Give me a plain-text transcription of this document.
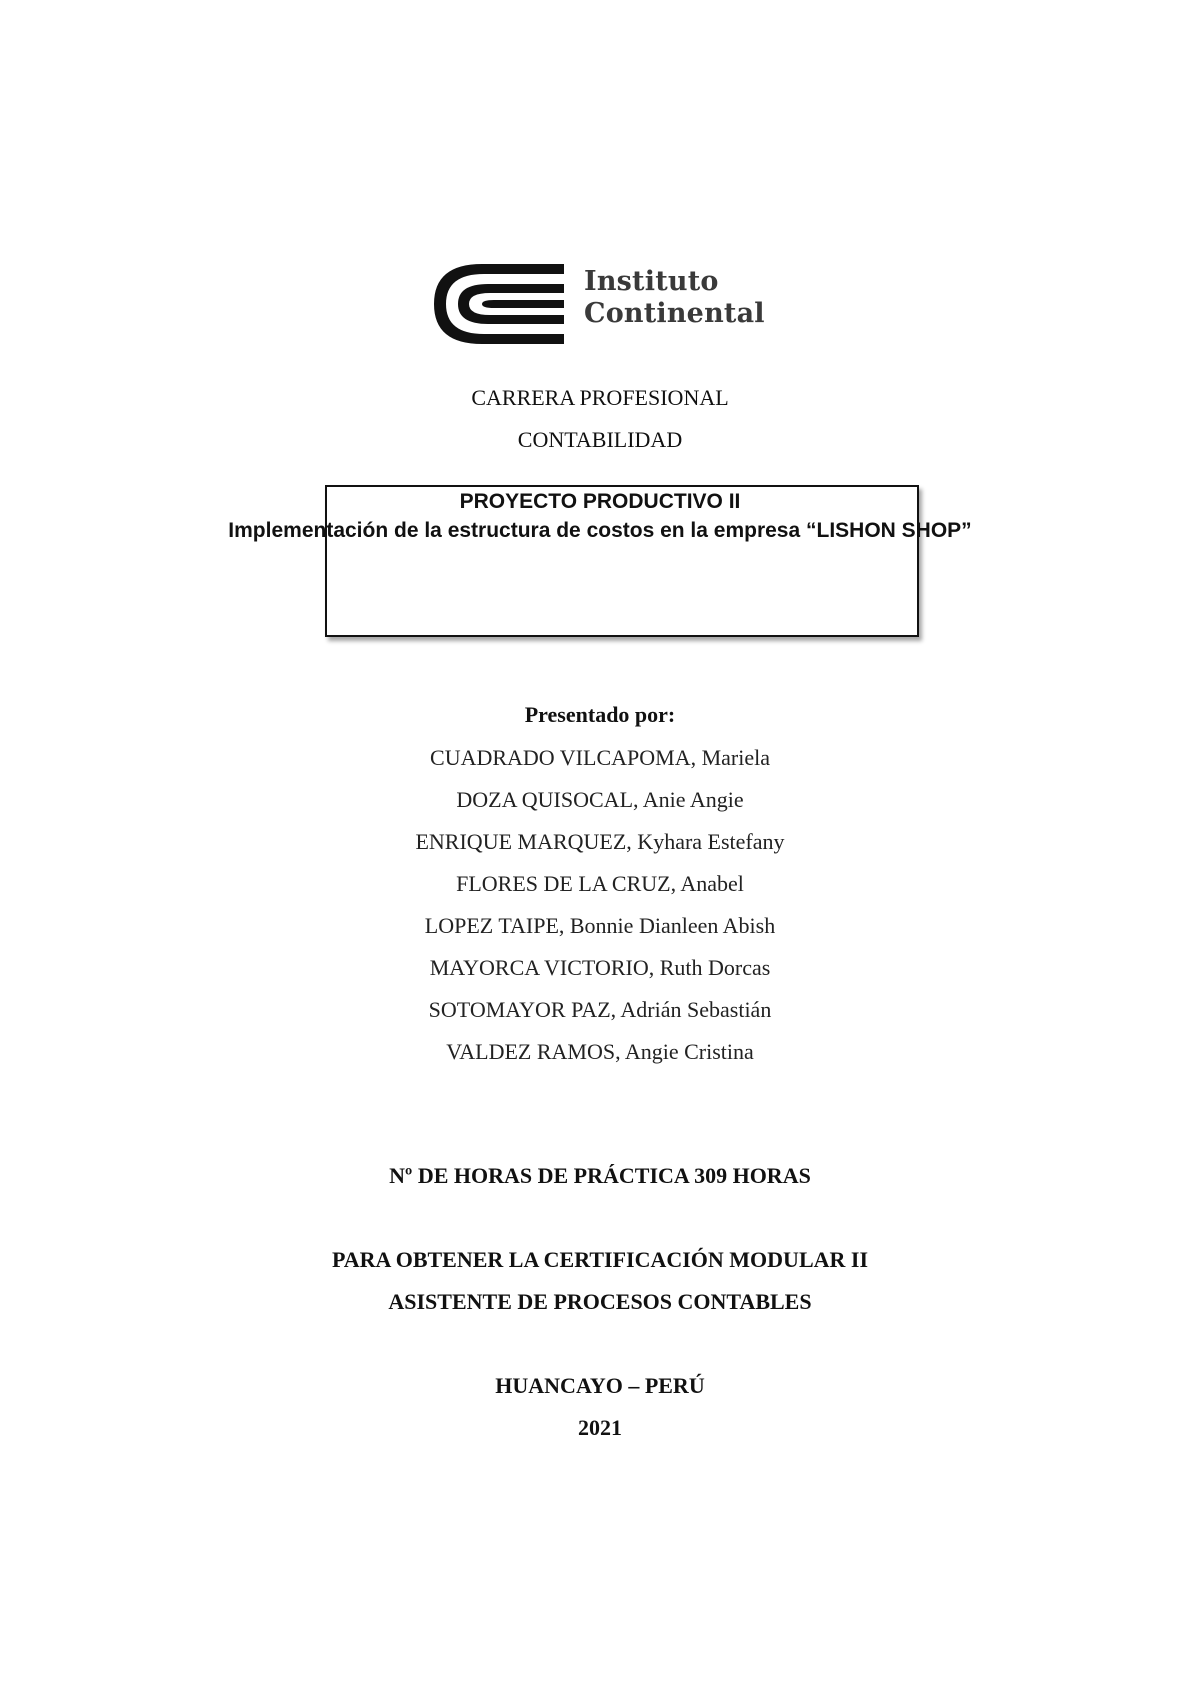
Instituto
Continental
CARRERA PROFESIONAL
CONTABILIDAD
PROYECTO PRODUCTIVO II
Implementación de la estructura de costos en la empresa “LISHON SHOP”
Presentado por:
CUADRADO VILCAPOMA, Mariela
DOZA QUISOCAL, Anie Angie
ENRIQUE MARQUEZ, Kyhara Estefany
FLORES DE LA CRUZ, Anabel
LOPEZ TAIPE, Bonnie Dianleen Abish
MAYORCA VICTORIO, Ruth Dorcas
SOTOMAYOR PAZ, Adrián Sebastián
VALDEZ RAMOS, Angie Cristina
Nº DE HORAS DE PRÁCTICA 309 HORAS
PARA OBTENER LA CERTIFICACIÓN MODULAR II
ASISTENTE DE PROCESOS CONTABLES
HUANCAYO – PERÚ
2021
